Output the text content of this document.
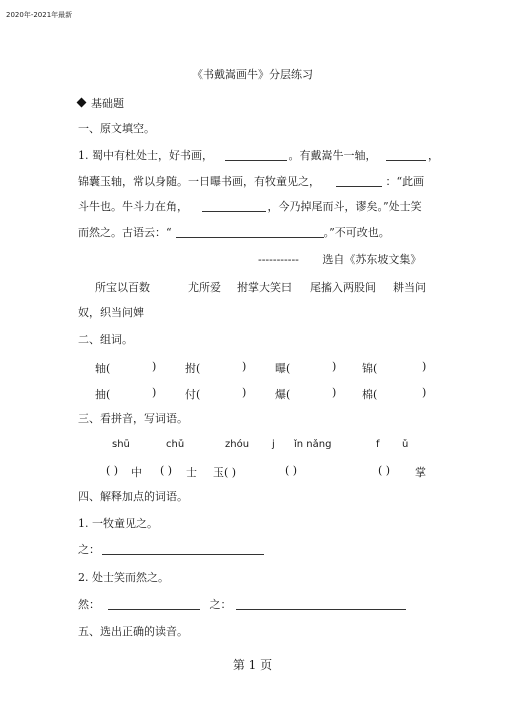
2020年-2021年最新
《书戴嵩画牛》分层练习
基础题
一、原文填空。
1. 蜀中有杜处士，好书画，	。有戴嵩牛一轴，	，
锦囊玉轴，常以身随。一日曝书画，有牧童见之，	：“此画
斗牛也。牛斗力在角，	，今乃掉尾而斗，谬矣。”处士笑
而然之。古语云：“	。”不可改也。
----------- 选自《苏东坡文集》
所宝以百数	尤所爱 拊掌大笑曰 尾搐入两股间 耕当问
奴，织当问婢
二、组词。
轴(	)	拊(	)	曝(	) 锦(	)
抽(	)	付(	)	爆(	) 棉(	)
三、看拼音，写词语。
shū	chǔ	zhóu j ǐn nǎng	f ǔ
( ) 中 ( ) 士 玉( )	( )	( ) 掌
四、解释加点的词语。
1. 一牧童见之。
之：
2. 处士笑而然之。
然：	之：
五、选出正确的读音。
第 1 页
